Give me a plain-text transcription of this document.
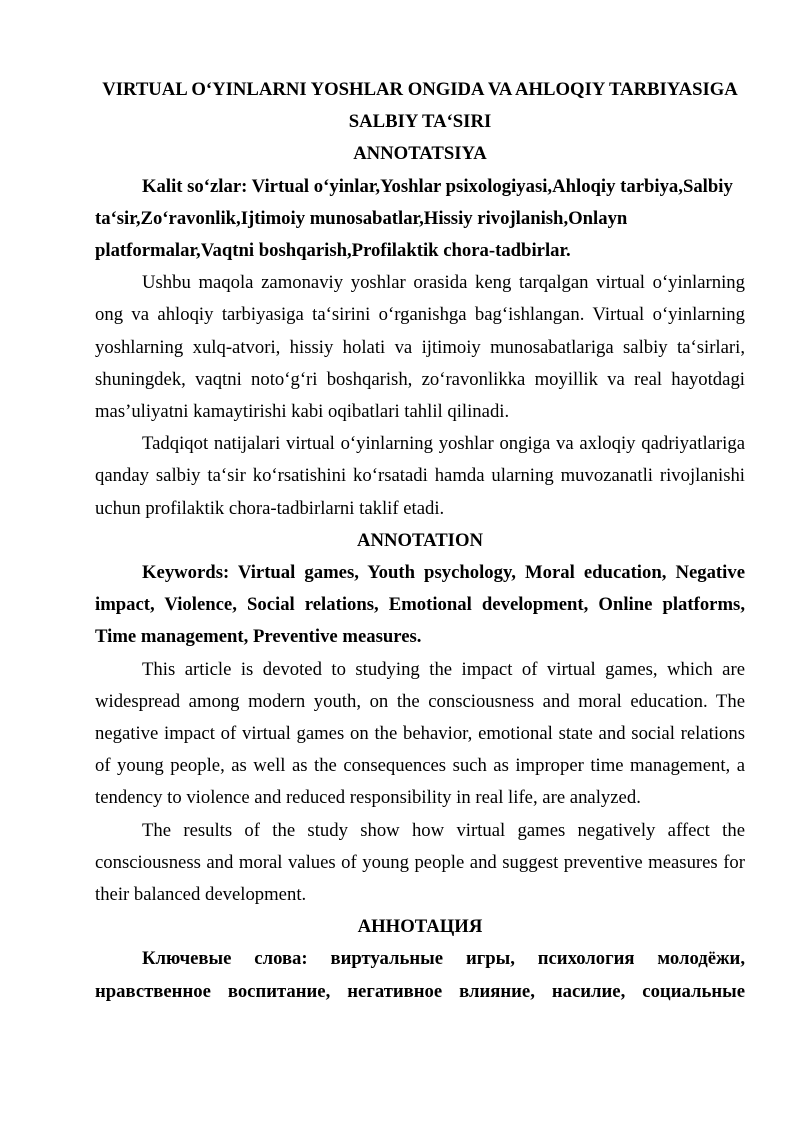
VIRTUAL O‘YINLARNI YOSHLAR ONGIDA VA AHLOQIY TARBIYASIGA SALBIY TA‘SIRI

ANNOTATSIYA

Kalit so‘zlar: Virtual o‘yinlar,Yoshlar psixologiyasi,Ahloqiy tarbiya,Salbiy ta‘sir,Zo‘ravonlik,Ijtimoiy munosabatlar,Hissiy rivojlanish,Onlayn platformalar,Vaqtni boshqarish,Profilaktik chora-tadbirlar.

Ushbu maqola zamonaviy yoshlar orasida keng tarqalgan virtual o‘yinlarning ong va ahloqiy tarbiyasiga ta‘sirini o‘rganishga bag‘ishlangan. Virtual o‘yinlarning yoshlarning xulq-atvori, hissiy holati va ijtimoiy munosabatlariga salbiy ta‘sirlari, shuningdek, vaqtni noto‘g‘ri boshqarish, zo‘ravonlikka moyillik va real hayotdagi mas’uliyatni kamaytirishi kabi oqibatlari tahlil qilinadi.

Tadqiqot natijalari virtual o‘yinlarning yoshlar ongiga va axloqiy qadriyatlariga qanday salbiy ta‘sir ko‘rsatishini ko‘rsatadi hamda ularning muvozanatli rivojlanishi uchun profilaktik chora-tadbirlarni taklif etadi.

ANNOTATION

Keywords: Virtual games, Youth psychology, Moral education, Negative impact, Violence, Social relations, Emotional development, Online platforms, Time management, Preventive measures.

This article is devoted to studying the impact of virtual games, which are widespread among modern youth, on the consciousness and moral education. The negative impact of virtual games on the behavior, emotional state and social relations of young people, as well as the consequences such as improper time management, a tendency to violence and reduced responsibility in real life, are analyzed.

The results of the study show how virtual games negatively affect the consciousness and moral values of young people and suggest preventive measures for their balanced development.

АННОТАЦИЯ

Ключевые слова: виртуальные игры, психология молодёжи, нравственное воспитание, негативное влияние, насилие, социальные
